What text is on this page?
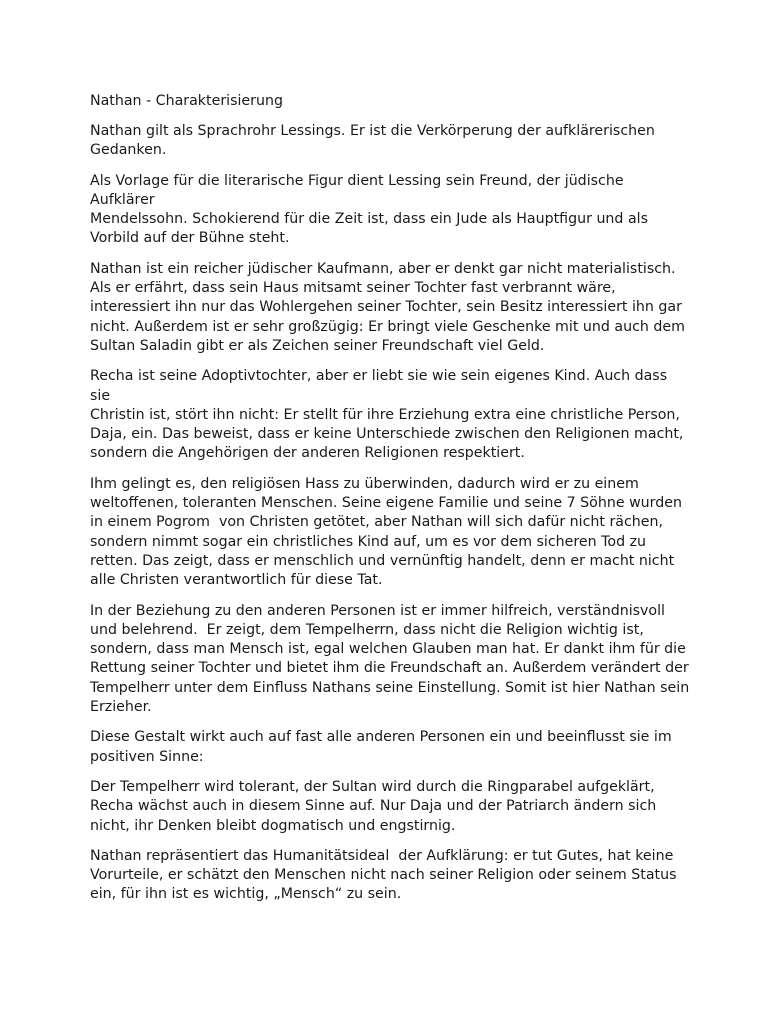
Nathan - Charakterisierung

Nathan gilt als Sprachrohr Lessings. Er ist die Verkörperung der aufklärerischen
Gedanken.

Als Vorlage für die literarische Figur dient Lessing sein Freund, der jüdische Aufklärer
Mendelssohn. Schokierend für die Zeit ist, dass ein Jude als Hauptfigur und als
Vorbild auf der Bühne steht.

Nathan ist ein reicher jüdischer Kaufmann, aber er denkt gar nicht materialistisch.
Als er erfährt, dass sein Haus mitsamt seiner Tochter fast verbrannt wäre,
interessiert ihn nur das Wohlergehen seiner Tochter, sein Besitz interessiert ihn gar
nicht. Außerdem ist er sehr großzügig: Er bringt viele Geschenke mit und auch dem
Sultan Saladin gibt er als Zeichen seiner Freundschaft viel Geld.

Recha ist seine Adoptivtochter, aber er liebt sie wie sein eigenes Kind. Auch dass sie
Christin ist, stört ihn nicht: Er stellt für ihre Erziehung extra eine christliche Person,
Daja, ein. Das beweist, dass er keine Unterschiede zwischen den Religionen macht,
sondern die Angehörigen der anderen Religionen respektiert.

Ihm gelingt es, den religiösen Hass zu überwinden, dadurch wird er zu einem
weltoffenen, toleranten Menschen. Seine eigene Familie und seine 7 Söhne wurden
in einem Pogrom  von Christen getötet, aber Nathan will sich dafür nicht rächen,
sondern nimmt sogar ein christliches Kind auf, um es vor dem sicheren Tod zu
retten. Das zeigt, dass er menschlich und vernünftig handelt, denn er macht nicht
alle Christen verantwortlich für diese Tat.

In der Beziehung zu den anderen Personen ist er immer hilfreich, verständnisvoll
und belehrend.  Er zeigt, dem Tempelherrn, dass nicht die Religion wichtig ist,
sondern, dass man Mensch ist, egal welchen Glauben man hat. Er dankt ihm für die
Rettung seiner Tochter und bietet ihm die Freundschaft an. Außerdem verändert der
Tempelherr unter dem Einfluss Nathans seine Einstellung. Somit ist hier Nathan sein
Erzieher.

Diese Gestalt wirkt auch auf fast alle anderen Personen ein und beeinflusst sie im
positiven Sinne:

Der Tempelherr wird tolerant, der Sultan wird durch die Ringparabel aufgeklärt,
Recha wächst auch in diesem Sinne auf. Nur Daja und der Patriarch ändern sich
nicht, ihr Denken bleibt dogmatisch und engstirnig.

Nathan repräsentiert das Humanitätsideal  der Aufklärung: er tut Gutes, hat keine
Vorurteile, er schätzt den Menschen nicht nach seiner Religion oder seinem Status
ein, für ihn ist es wichtig, „Mensch“ zu sein.
